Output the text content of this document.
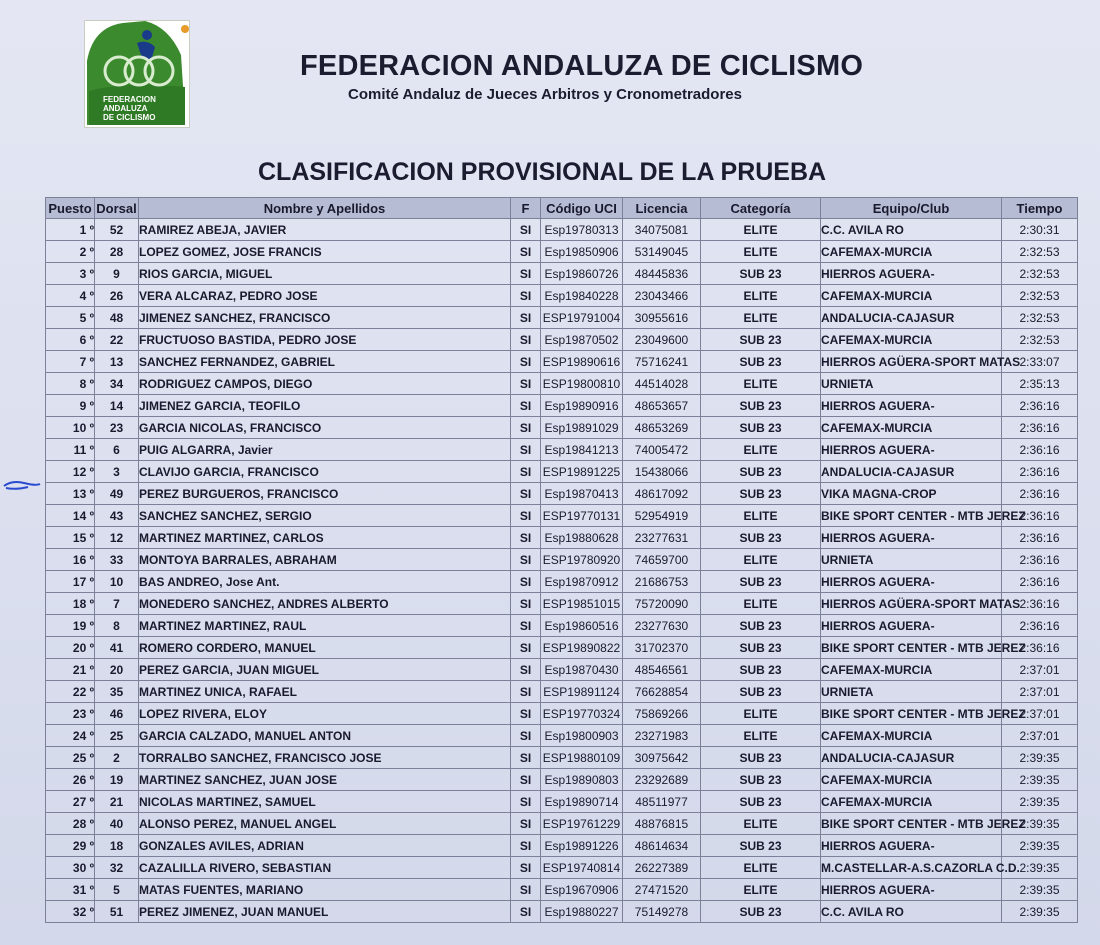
FEDERACION
ANDALUZA
DE CICLISMO
FEDERACION ANDALUZA DE CICLISMO
Comité Andaluz de Jueces Arbitros y Cronometradores
CLASIFICACION PROVISIONAL DE LA PRUEBA
Puesto	Dorsal	Nombre y Apellidos	F	Código UCI	Licencia	Categoría	Equipo/Club	Tiempo
1 º	52	RAMIREZ ABEJA, JAVIER	SI	Esp19780313	34075081	ELITE	C.C. AVILA RO	2:30:31
2 º	28	LOPEZ GOMEZ, JOSE FRANCIS	SI	Esp19850906	53149045	ELITE	CAFEMAX-MURCIA	2:32:53
3 º	9	RIOS GARCIA, MIGUEL	SI	Esp19860726	48445836	SUB 23	HIERROS AGUERA-	2:32:53
4 º	26	VERA ALCARAZ, PEDRO JOSE	SI	Esp19840228	23043466	ELITE	CAFEMAX-MURCIA	2:32:53
5 º	48	JIMENEZ SANCHEZ, FRANCISCO	SI	ESP19791004	30955616	ELITE	ANDALUCIA-CAJASUR	2:32:53
6 º	22	FRUCTUOSO BASTIDA, PEDRO JOSE	SI	Esp19870502	23049600	SUB 23	CAFEMAX-MURCIA	2:32:53
7 º	13	SANCHEZ FERNANDEZ, GABRIEL	SI	ESP19890616	75716241	SUB 23	HIERROS AGÜERA-SPORT MATAS	2:33:07
8 º	34	RODRIGUEZ CAMPOS, DIEGO	SI	ESP19800810	44514028	ELITE	URNIETA	2:35:13
9 º	14	JIMENEZ GARCIA, TEOFILO	SI	Esp19890916	48653657	SUB 23	HIERROS AGUERA-	2:36:16
10 º	23	GARCIA NICOLAS, FRANCISCO	SI	Esp19891029	48653269	SUB 23	CAFEMAX-MURCIA	2:36:16
11 º	6	PUIG ALGARRA, Javier	SI	Esp19841213	74005472	ELITE	HIERROS AGUERA-	2:36:16
12 º	3	CLAVIJO GARCIA, FRANCISCO	SI	ESP19891225	15438066	SUB 23	ANDALUCIA-CAJASUR	2:36:16
13 º	49	PEREZ BURGUEROS, FRANCISCO	SI	Esp19870413	48617092	SUB 23	VIKA MAGNA-CROP	2:36:16
14 º	43	SANCHEZ SANCHEZ, SERGIO	SI	ESP19770131	52954919	ELITE	BIKE SPORT CENTER - MTB JEREZ	2:36:16
15 º	12	MARTINEZ MARTINEZ, CARLOS	SI	Esp19880628	23277631	SUB 23	HIERROS AGUERA-	2:36:16
16 º	33	MONTOYA BARRALES, ABRAHAM	SI	ESP19780920	74659700	ELITE	URNIETA	2:36:16
17 º	10	BAS ANDREO, Jose Ant.	SI	Esp19870912	21686753	SUB 23	HIERROS AGUERA-	2:36:16
18 º	7	MONEDERO SANCHEZ, ANDRES ALBERTO	SI	ESP19851015	75720090	ELITE	HIERROS AGÜERA-SPORT MATAS	2:36:16
19 º	8	MARTINEZ MARTINEZ, RAUL	SI	Esp19860516	23277630	SUB 23	HIERROS AGUERA-	2:36:16
20 º	41	ROMERO CORDERO, MANUEL	SI	ESP19890822	31702370	SUB 23	BIKE SPORT CENTER - MTB JEREZ	2:36:16
21 º	20	PEREZ GARCIA, JUAN MIGUEL	SI	Esp19870430	48546561	SUB 23	CAFEMAX-MURCIA	2:37:01
22 º	35	MARTINEZ UNICA, RAFAEL	SI	ESP19891124	76628854	SUB 23	URNIETA	2:37:01
23 º	46	LOPEZ RIVERA, ELOY	SI	ESP19770324	75869266	ELITE	BIKE SPORT CENTER - MTB JEREZ	2:37:01
24 º	25	GARCIA CALZADO, MANUEL ANTON	SI	Esp19800903	23271983	ELITE	CAFEMAX-MURCIA	2:37:01
25 º	2	TORRALBO SANCHEZ, FRANCISCO JOSE	SI	ESP19880109	30975642	SUB 23	ANDALUCIA-CAJASUR	2:39:35
26 º	19	MARTINEZ SANCHEZ, JUAN JOSE	SI	Esp19890803	23292689	SUB 23	CAFEMAX-MURCIA	2:39:35
27 º	21	NICOLAS MARTINEZ, SAMUEL	SI	Esp19890714	48511977	SUB 23	CAFEMAX-MURCIA	2:39:35
28 º	40	ALONSO PEREZ, MANUEL ANGEL	SI	ESP19761229	48876815	ELITE	BIKE SPORT CENTER - MTB JEREZ	2:39:35
29 º	18	GONZALES AVILES, ADRIAN	SI	Esp19891226	48614634	SUB 23	HIERROS AGUERA-	2:39:35
30 º	32	CAZALILLA RIVERO, SEBASTIAN	SI	ESP19740814	26227389	ELITE	M.CASTELLAR-A.S.CAZORLA C.D.	2:39:35
31 º	5	MATAS FUENTES, MARIANO	SI	Esp19670906	27471520	ELITE	HIERROS AGUERA-	2:39:35
32 º	51	PEREZ JIMENEZ, JUAN MANUEL	SI	Esp19880227	75149278	SUB 23	C.C. AVILA RO	2:39:35
